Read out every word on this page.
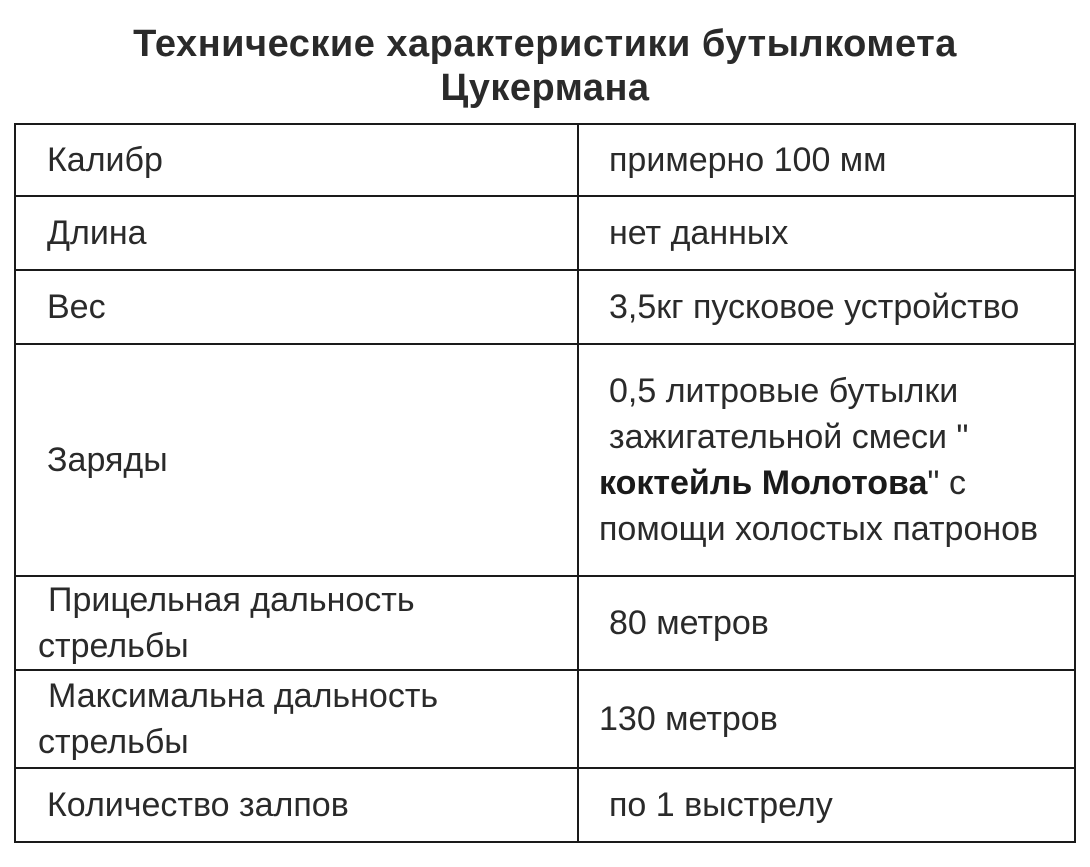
Технические характеристики бутылкомета
Цукермана
Калибр	примерно 100 мм
Длина	нет данных
Вес	3,5кг пусковое устройство
Заряды	0,5 литровые бутылки зажигательной смеси "коктейль Молотова" с помощи холостых патронов

Прицельная дальность
стрельбы	80 метров

Максимальна дальность
стрельбы	130 метров
Количество залпов	по 1 выстрелу
